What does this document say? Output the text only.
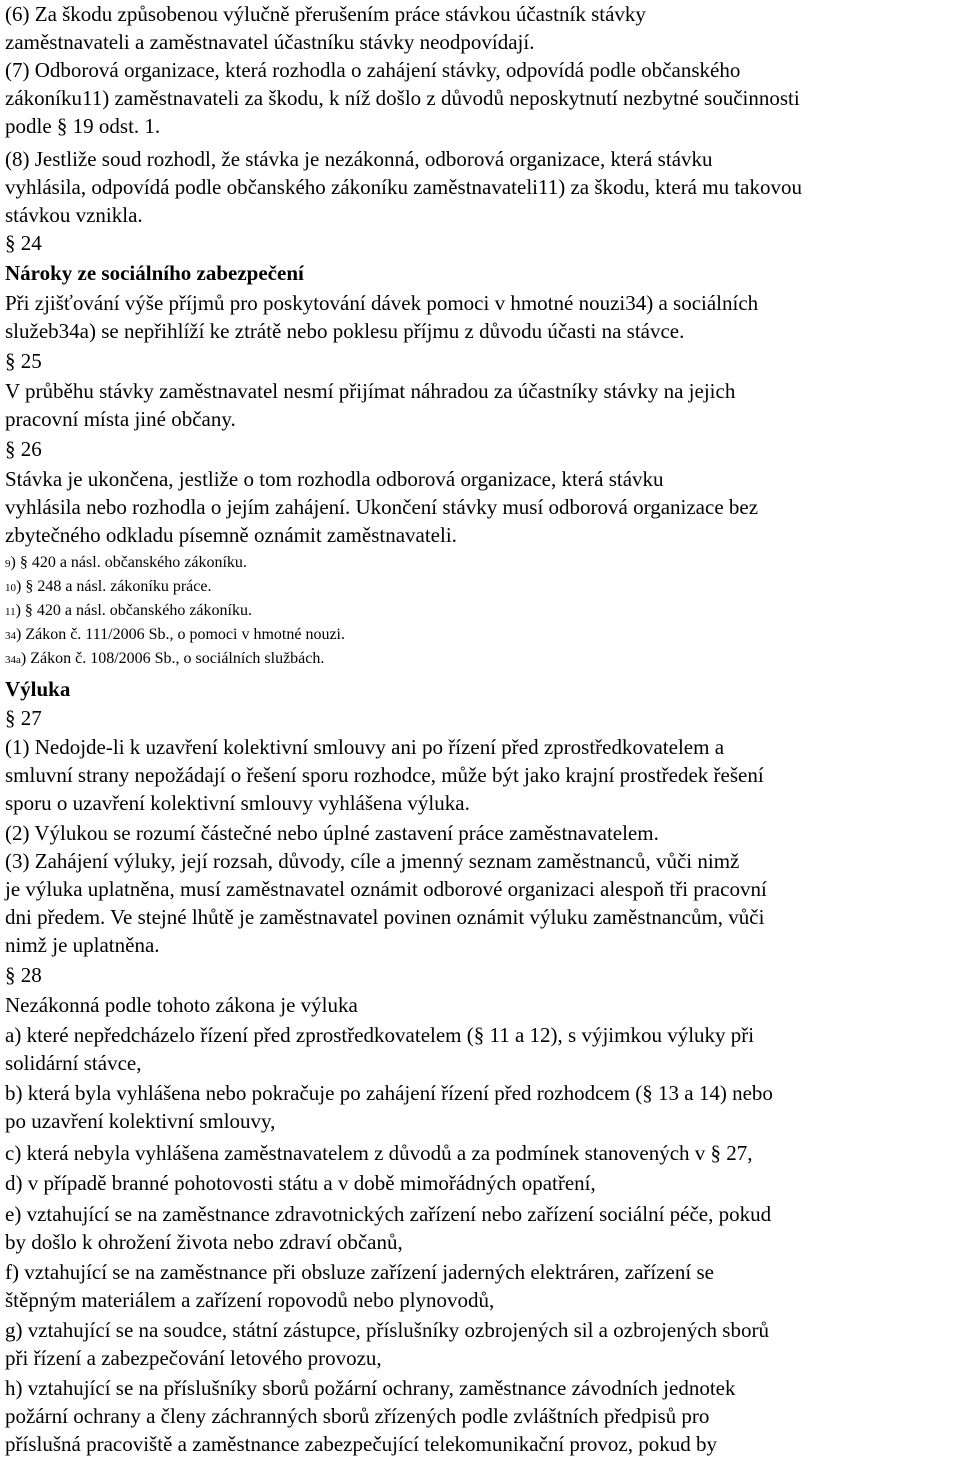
(6) Za škodu způsobenou výlučně přerušením práce stávkou účastník stávky
zaměstnavateli a zaměstnavatel účastníku stávky neodpovídají.
(7) Odborová organizace, která rozhodla o zahájení stávky, odpovídá podle občanského
zákoníku11) zaměstnavateli za škodu, k níž došlo z důvodů neposkytnutí nezbytné součinnosti
podle § 19 odst. 1.
(8) Jestliže soud rozhodl, že stávka je nezákonná, odborová organizace, která stávku
vyhlásila, odpovídá podle občanského zákoníku zaměstnavateli11) za škodu, která mu takovou
stávkou vznikla.
§ 24
Nároky ze sociálního zabezpečení
Při zjišťování výše příjmů pro poskytování dávek pomoci v hmotné nouzi34) a sociálních
služeb34a) se nepřihlíží ke ztrátě nebo poklesu příjmu z důvodu účasti na stávce.
§ 25
V průběhu stávky zaměstnavatel nesmí přijímat náhradou za účastníky stávky na jejich
pracovní místa jiné občany.
§ 26
Stávka je ukončena, jestliže o tom rozhodla odborová organizace, která stávku
vyhlásila nebo rozhodla o jejím zahájení. Ukončení stávky musí odborová organizace bez
zbytečného odkladu písemně oznámit zaměstnavateli.
9) § 420 a násl. občanského zákoníku.
10) § 248 a násl. zákoníku práce.
11) § 420 a násl. občanského zákoníku.
34) Zákon č. 111/2006 Sb., o pomoci v hmotné nouzi.
34a) Zákon č. 108/2006 Sb., o sociálních službách.
Výluka
§ 27
(1) Nedojde-li k uzavření kolektivní smlouvy ani po řízení před zprostředkovatelem a
smluvní strany nepožádají o řešení sporu rozhodce, může být jako krajní prostředek řešení
sporu o uzavření kolektivní smlouvy vyhlášena výluka.
(2) Výlukou se rozumí částečné nebo úplné zastavení práce zaměstnavatelem.
(3) Zahájení výluky, její rozsah, důvody, cíle a jmenný seznam zaměstnanců, vůči nimž
je výluka uplatněna, musí zaměstnavatel oznámit odborové organizaci alespoň tři pracovní
dni předem. Ve stejné lhůtě je zaměstnavatel povinen oznámit výluku zaměstnancům, vůči
nimž je uplatněna.
§ 28
Nezákonná podle tohoto zákona je výluka
a) které nepředcházelo řízení před zprostředkovatelem (§ 11 a 12), s výjimkou výluky při
solidární stávce,
b) která byla vyhlášena nebo pokračuje po zahájení řízení před rozhodcem (§ 13 a 14) nebo
po uzavření kolektivní smlouvy,
c) která nebyla vyhlášena zaměstnavatelem z důvodů a za podmínek stanovených v § 27,
d) v případě branné pohotovosti státu a v době mimořádných opatření,
e) vztahující se na zaměstnance zdravotnických zařízení nebo zařízení sociální péče, pokud
by došlo k ohrožení života nebo zdraví občanů,
f) vztahující se na zaměstnance při obsluze zařízení jaderných elektráren, zařízení se
štěpným materiálem a zařízení ropovodů nebo plynovodů,
g) vztahující se na soudce, státní zástupce, příslušníky ozbrojených sil a ozbrojených sborů
při řízení a zabezpečování letového provozu,
h) vztahující se na příslušníky sborů požární ochrany, zaměstnance závodních jednotek
požární ochrany a členy záchranných sborů zřízených podle zvláštních předpisů pro
příslušná pracoviště a zaměstnance zabezpečující telekomunikační provoz, pokud by
